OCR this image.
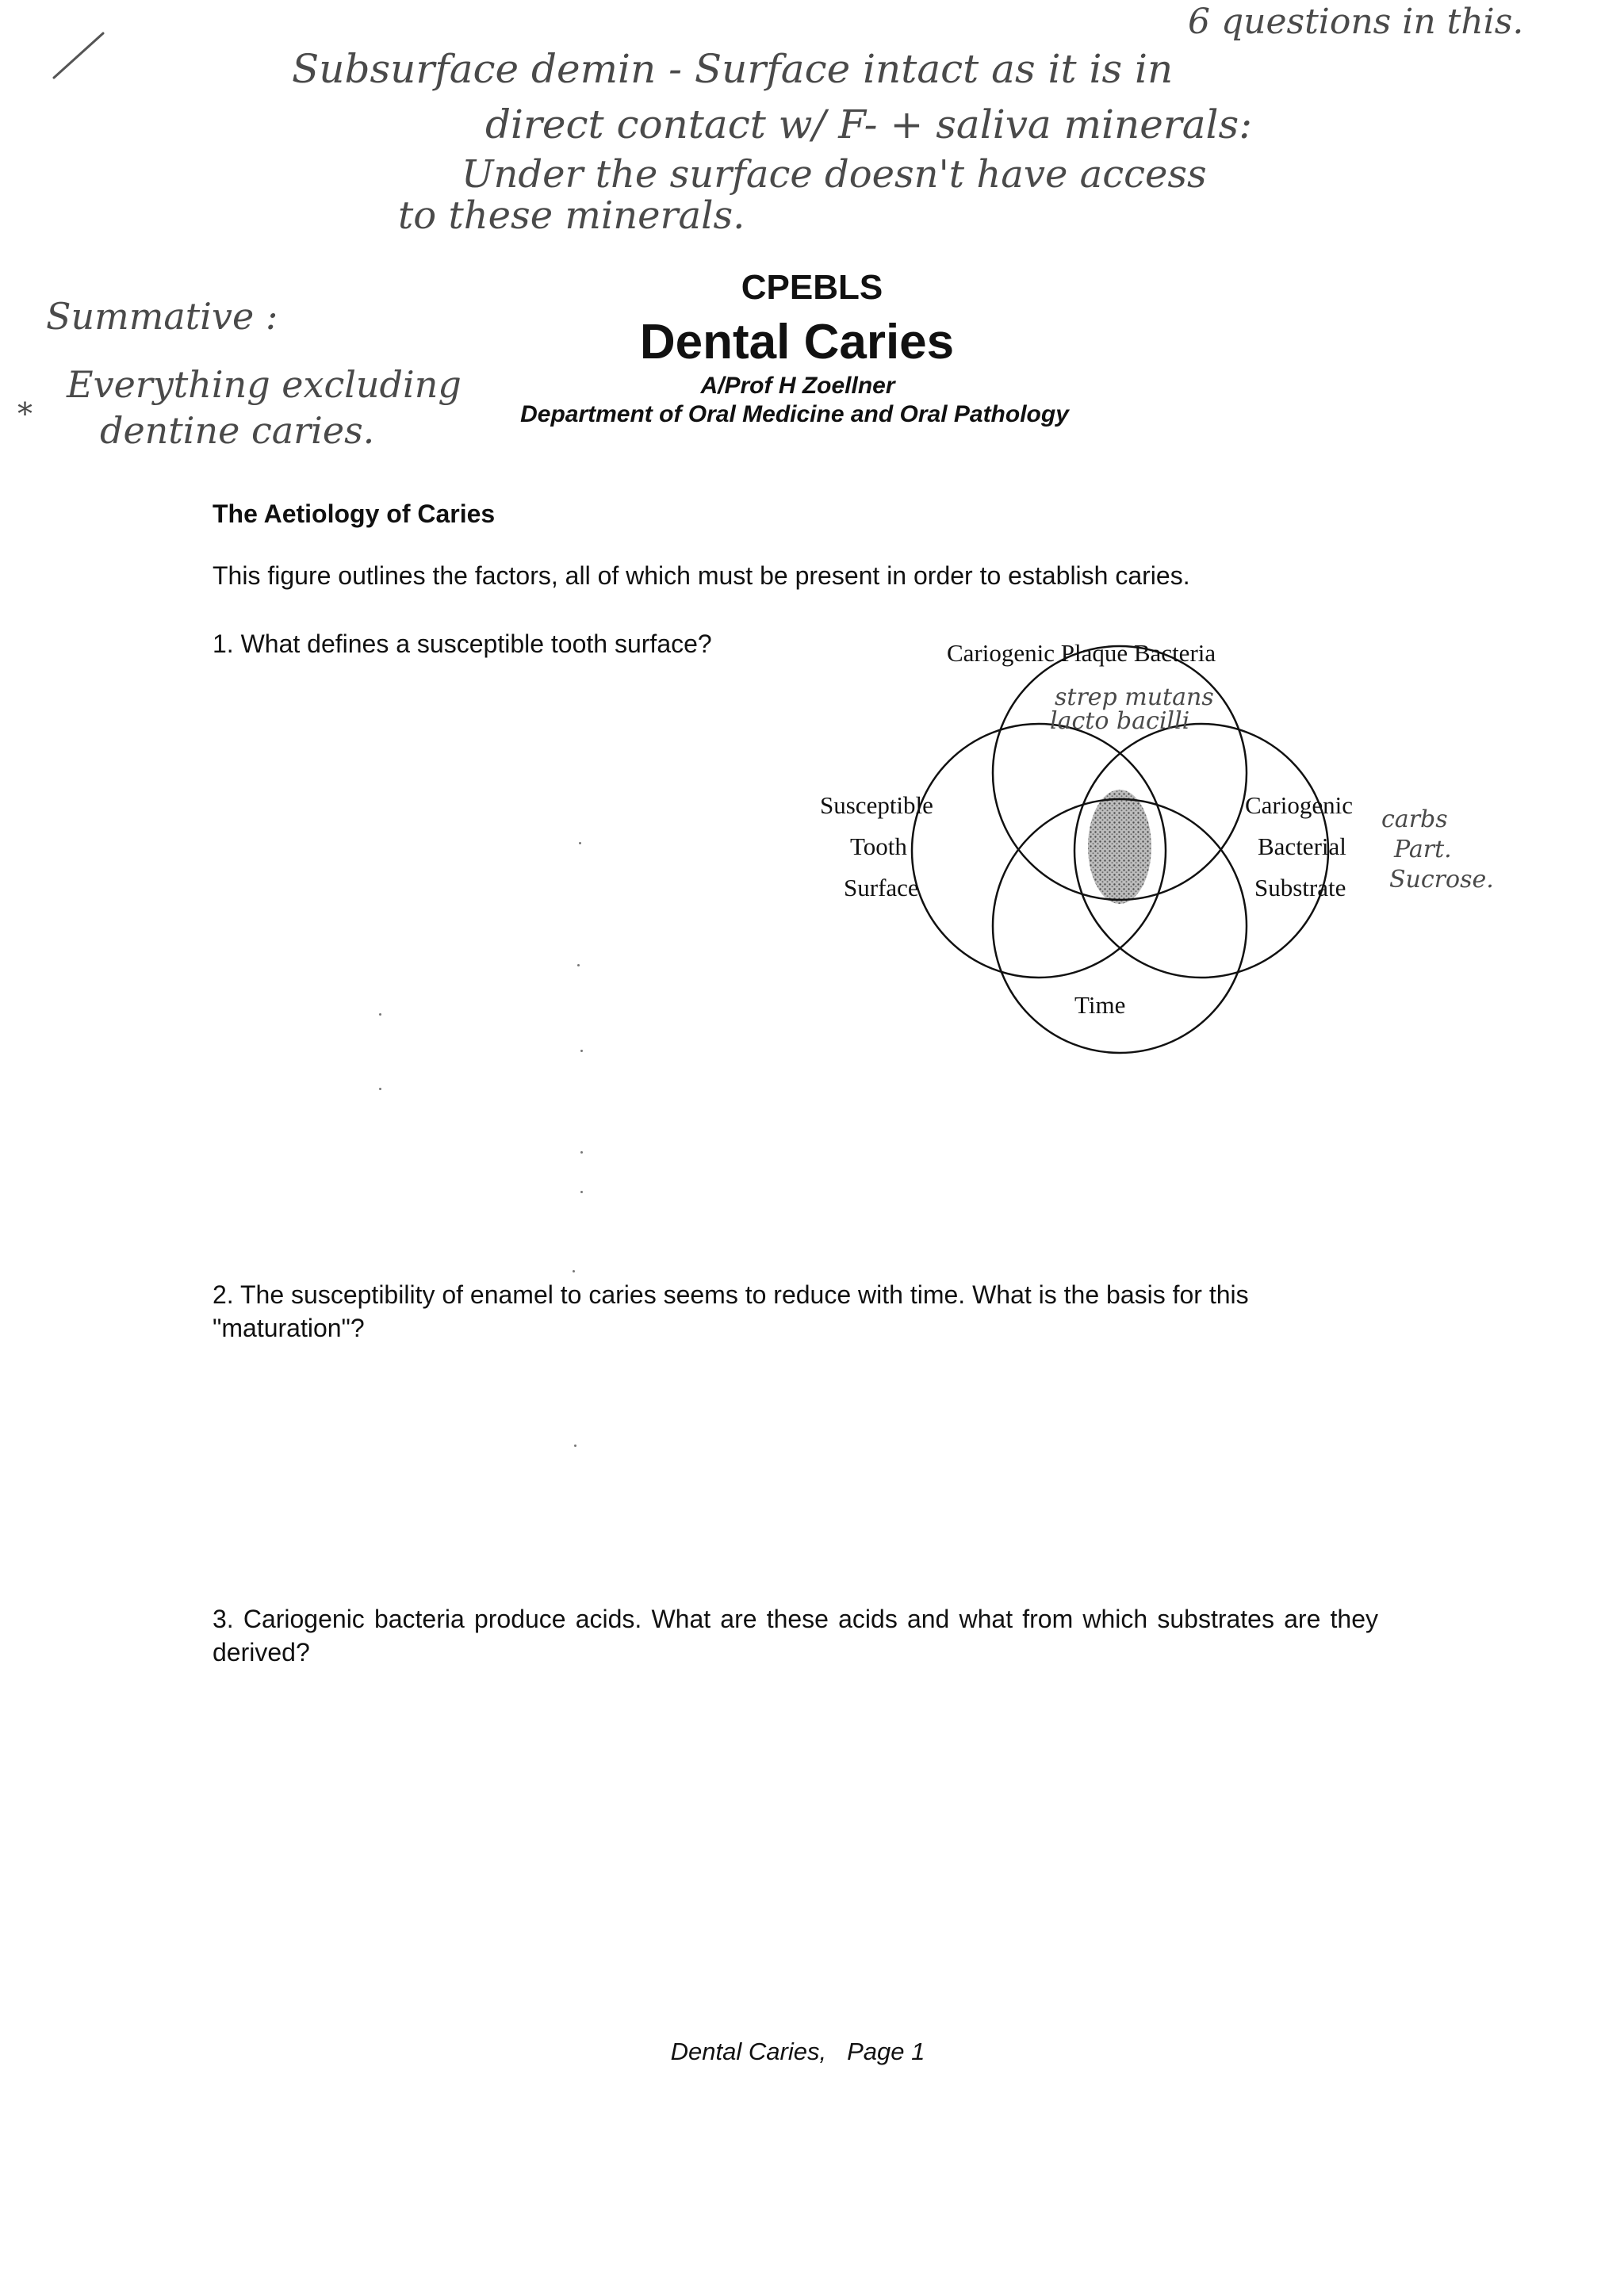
6 questions in this.
Subsurface demin - Surface intact as it is in
direct contact w/ F- + saliva minerals:
Under the surface doesn't have access
to these minerals.
Summative :
*
Everything excluding
dentine caries.
CPEBLS
Dental Caries
A/Prof H Zoellner
Department of Oral Medicine and Oral Pathology
The Aetiology of Caries
This figure outlines the factors, all of which must be present in order to establish caries.
1. What defines a susceptible tooth surface?	Cariogenic Plaque Bacteria
Susceptible
Tooth
Surface
Cariogenic
Bacterial
Substrate
Time
strep mutans
lacto bacilli
carbs
Part.
Sucrose.
2. The susceptibility of enamel to caries seems to reduce with time. What is the basis for this "maturation"?
3. Cariogenic bacteria produce acids. What are these acids and what from which substrates are they derived?
Dental Caries, Page 1
